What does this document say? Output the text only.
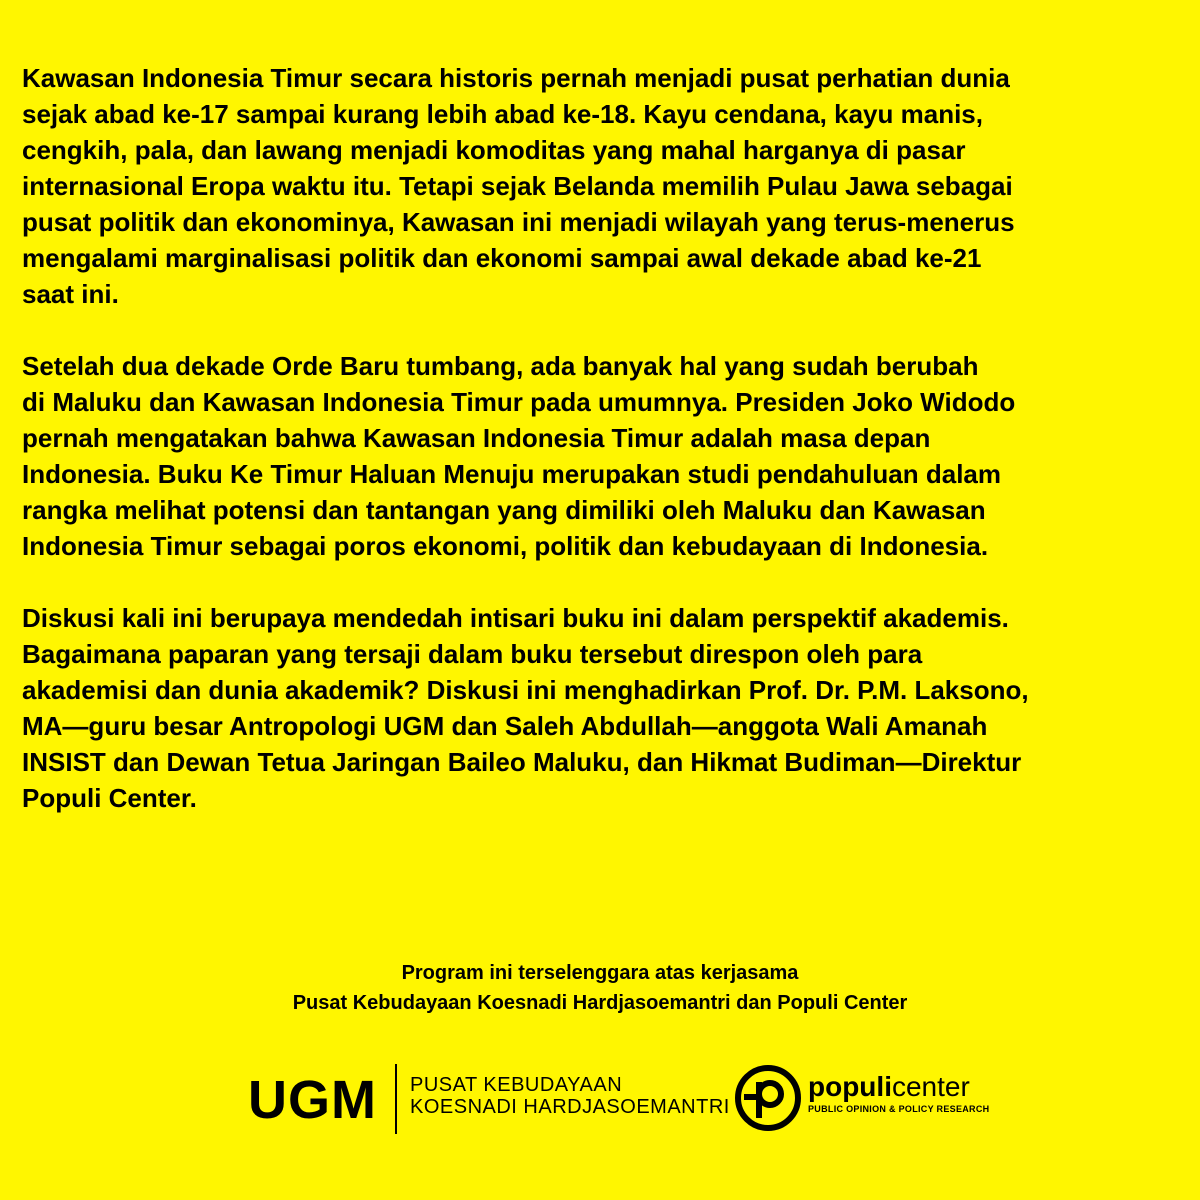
Kawasan Indonesia Timur secara historis pernah menjadi pusat perhatian dunia
sejak abad ke-17 sampai kurang lebih abad ke-18. Kayu cendana, kayu manis,
cengkih, pala, dan lawang menjadi komoditas yang mahal harganya di pasar
internasional Eropa waktu itu. Tetapi sejak Belanda memilih Pulau Jawa sebagai
pusat politik dan ekonominya, Kawasan ini menjadi wilayah yang terus-menerus
mengalami marginalisasi politik dan ekonomi sampai awal dekade abad ke-21
saat ini.

Setelah dua dekade Orde Baru tumbang, ada banyak hal yang sudah berubah
di Maluku dan Kawasan Indonesia Timur pada umumnya. Presiden Joko Widodo
pernah mengatakan bahwa Kawasan Indonesia Timur adalah masa depan
Indonesia. Buku Ke Timur Haluan Menuju merupakan studi pendahuluan dalam
rangka melihat potensi dan tantangan yang dimiliki oleh Maluku dan Kawasan
Indonesia Timur sebagai poros ekonomi, politik dan kebudayaan di Indonesia.

Diskusi kali ini berupaya mendedah intisari buku ini dalam perspektif akademis.
Bagaimana paparan yang tersaji dalam buku tersebut direspon oleh para
akademisi dan dunia akademik? Diskusi ini menghadirkan Prof. Dr. P.M. Laksono,
MA—guru besar Antropologi UGM dan Saleh Abdullah—anggota Wali Amanah
INSIST dan Dewan Tetua Jaringan Baileo Maluku, dan Hikmat Budiman—Direktur
Populi Center.

Program ini terselenggara atas kerjasama
Pusat Kebudayaan Koesnadi Hardjasoemantri dan Populi Center
UGM PUSAT KEBUDAYAAN
KOESNADI HARDJASOEMANTRI
populicenter
PUBLIC OPINION & POLICY RESEARCH
